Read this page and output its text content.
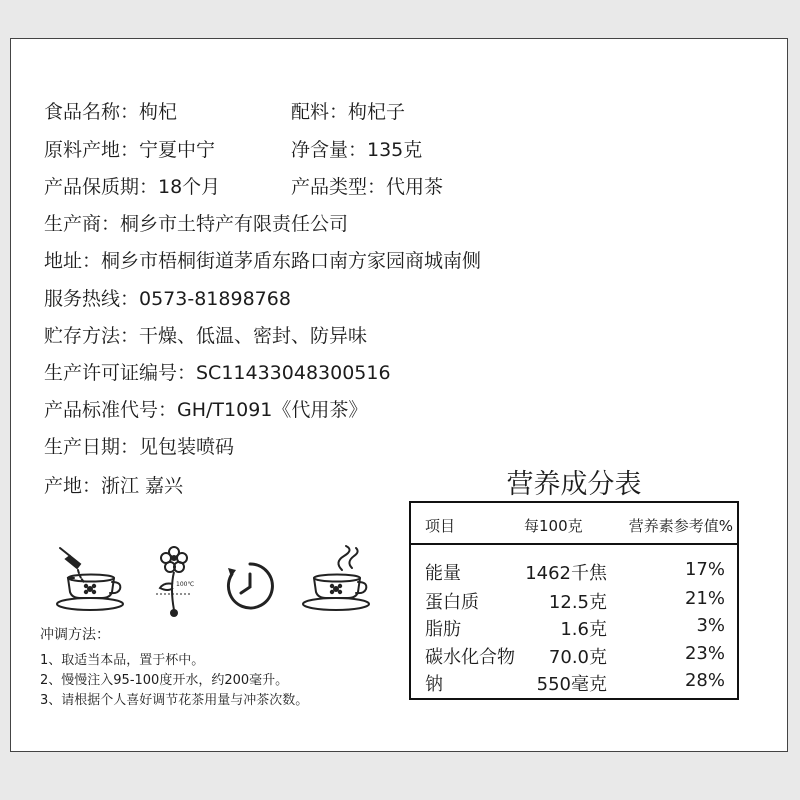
食品名称：枸杞	配料：枸杞子
原料产地：宁夏中宁	净含量：135克
产品保质期：18个月	产品类型：代用茶
生产商：桐乡市土特产有限责任公司
地址：桐乡市梧桐街道茅盾东路口南方家园商城南侧
服务热线：0573-81898768
贮存方法：干燥、低温、密封、防异味
生产许可证编号：SC11433048300516
产品标准代号：GH/T1091《代用茶》
生产日期：见包装喷码
产地：浙江 嘉兴	营养成分表
项目	每100克	营养素参考值%
能量	1462千焦	17%
蛋白质	12.5克	21%
脂肪	1.6克	3%
碳水化合物 70.0克	23%
钠	550毫克	28%
100℃
冲调方法：
1、取适当本品，置于杯中。
2、慢慢注入95-100度开水，约200毫升。
3、请根据个人喜好调节花茶用量与冲茶次数。
